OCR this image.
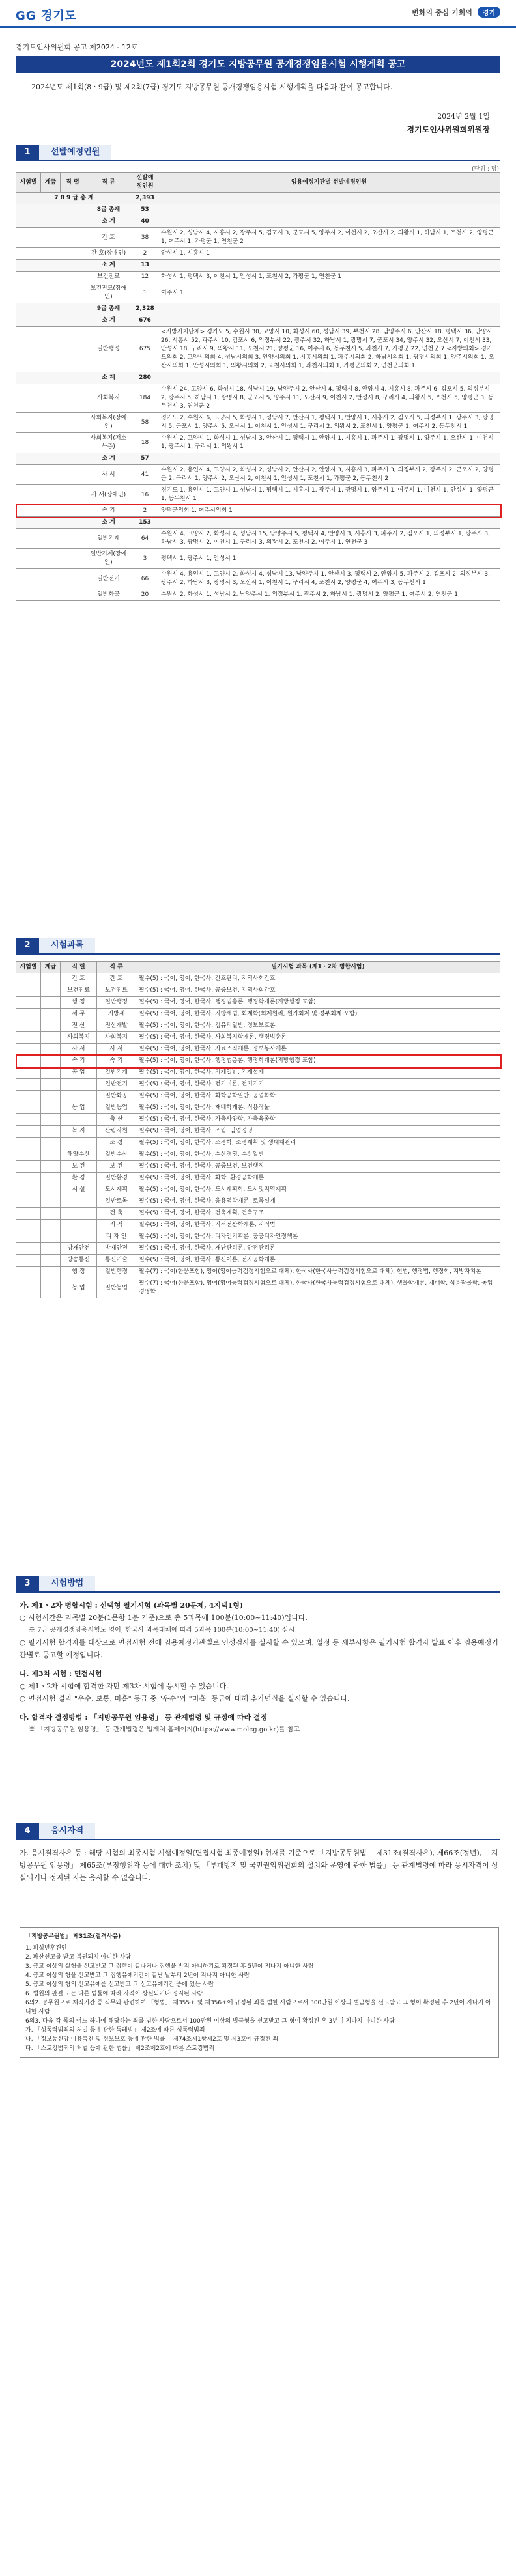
GG 경기도	변화의 중심 기회의 경기
경기도인사위원회 공고 제2024 - 12호
2024년도 제1회2회 경기도 지방공무원 공개경쟁임용시험 시행계획 공고
2024년도 제1회(8ㆍ9급) 및 제2회(7급) 경기도 지방공무원 공개경쟁임용시험 시행계획을 다음과 같이 공고합니다.
2024년 2월 1일
경기도인사위원회위원장
1 선발예정인원
(단위 : 명)
시험별	계급	직 렬	직 류	선발예정인원	임용예정기관별 선발예정인원
7 8 9 급 총 계				2,393	
			8급 총계	53	
			소 계	40	
			간 호	38	수원시 2, 성남시 4, 시흥시 2, 광주시 5, 김포시 3, 군포시 5, 양주시 2, 이천시 2, 오산시 2, 의왕시 1, 하남시 1, 포천시 2, 양평군 1, 여주시 1, 가평군 1, 연천군 2
			간 호(장애인)	2	안성시 1, 시흥시 1
			소 계	13	
			보건진료	12	화성시 1, 평택시 3, 이천시 1, 안성시 1, 포천시 2, 가평군 1, 연천군 1
			보건진료(장애인)	1	여주시 1
			9급 총계	2,328	
			소 계	676	
			일반행정	675	<지방자치단체> 경기도 5, 수원시 30, 고양시 10, 화성시 60, 성남시 39, 부천시 28, 남양주시 6, 안산시 18, 평택시 36, 안양시 26, 시흥시 52, 파주시 10, 김포시 6, 의정부시 22, 광주시 32, 하남시 1, 광명시 7, 군포시 34, 양주시 32, 오산시 7, 이천시 33, 안성시 18, 구리시 9, 의왕시 11, 포천시 21, 양평군 16, 여주시 6, 동두천시 5, 과천시 7, 가평군 22, 연천군 7 <지방의회> 경기도의회 2, 고양시의회 4, 성남시의회 3, 안양시의회 1, 시흥시의회 1, 파주시의회 2, 하남시의회 1, 광명시의회 1, 양주시의회 1, 오산시의회 1, 안성시의회 1, 의왕시의회 2, 포천시의회 1, 과천시의회 1, 가평군의회 2, 연천군의회 1
			소 계	280	
			사회복지	184	수원시 24, 고양시 6, 화성시 18, 성남시 19, 남양주시 2, 안산시 4, 평택시 8, 안양시 4, 시흥시 8, 파주시 6, 김포시 5, 의정부시 2, 광주시 5, 하남시 1, 광명시 8, 군포시 5, 양주시 11, 오산시 9, 이천시 2, 안성시 8, 구리시 4, 의왕시 5, 포천시 5, 양평군 3, 동두천시 3, 연천군 2
			사회복지(장애인)	58	경기도 2, 수원시 6, 고양시 5, 화성시 1, 성남시 7, 안산시 1, 평택시 1, 안양시 1, 시흥시 2, 김포시 5, 의정부시 1, 광주시 3, 광명시 5, 군포시 1, 양주시 5, 오산시 1, 이천시 1, 안성시 1, 구리시 2, 의왕시 2, 포천시 1, 양평군 1, 여주시 2, 동두천시 1
			사회복지(저소득층)	18	수원시 2, 고양시 1, 화성시 1, 성남시 3, 안산시 1, 평택시 1, 안양시 1, 시흥시 1, 파주시 1, 광명시 1, 양주시 1, 오산시 1, 이천시 1, 광주시 1, 구리시 1, 의왕시 1
			소 계	57	
			사 서	41	수원시 2, 용인시 4, 고양시 2, 화성시 2, 성남시 2, 안산시 2, 안양시 3, 시흥시 3, 파주시 3, 의정부시 2, 광주시 2, 군포시 2, 양평군 2, 구리시 1, 양주시 2, 오산시 2, 이천시 1, 안성시 1, 포천시 1, 가평군 2, 동두천시 2
			사 서(장애인)	16	경기도 1, 용인시 1, 고양시 1, 성남시 1, 평택시 1, 시흥시 1, 광주시 1, 광명시 1, 양주시 1, 여주시 1, 이천시 1, 안성시 1, 양평군 1, 동두천시 1
			속 기	2	양평군의회 1, 여주시의회 1
			소 계	153	
			일반기계	64	수원시 4, 고양시 2, 화성시 4, 성남시 15, 남양주시 5, 평택시 4, 안양시 3, 시흥시 3, 파주시 2, 김포시 1, 의정부시 1, 광주시 3, 하남시 3, 광명시 2, 이천시 1, 구리시 3, 의왕시 2, 포천시 2, 여주시 1, 연천군 3
			일반기계(장애인)	3	평택시 1, 광주시 1, 안성시 1
			일반전기	66	수원시 4, 용인시 1, 고양시 2, 화성시 4, 성남시 13, 남양주시 1, 안산시 3, 평택시 2, 안양시 5, 파주시 2, 김포시 2, 의정부시 3, 광주시 2, 하남시 3, 광명시 3, 오산시 1, 이천시 1, 구리시 4, 포천시 2, 양평군 4, 여주시 3, 동두천시 1
			일반화공	20	수원시 2, 화성시 1, 성남시 2, 남양주시 1, 의정부시 1, 광주시 2, 하남시 1, 광명시 2, 양평군 1, 여주시 2, 연천군 1
2 시험과목
시험별	계급	직 렬	직 류	필기시험 과목 (제1ㆍ2차 병합시험)
		간 호	간 호	필수(5) : 국어, 영어, 한국사, 간호관리, 지역사회간호
		보건진료	보건진료	필수(5) : 국어, 영어, 한국사, 공중보건, 지역사회간호
		행 정	일반행정	필수(5) : 국어, 영어, 한국사, 행정법총론, 행정학개론(지방행정 포함)
		세 무	지방세	필수(5) : 국어, 영어, 한국사, 지방세법, 회계학(회계원리, 원가회계 및 정부회계 포함)
		전 산	전산개발	필수(5) : 국어, 영어, 한국사, 컴퓨터일반, 정보보호론
		사회복지	사회복지	필수(5) : 국어, 영어, 한국사, 사회복지학개론, 행정법총론
		사 서	사 서	필수(5) : 국어, 영어, 한국사, 자료조직개론, 정보봉사개론
		속 기	속 기	필수(5) : 국어, 영어, 한국사, 행정법총론, 행정학개론(지방행정 포함)
		공 업	일반기계	필수(5) : 국어, 영어, 한국사, 기계일반, 기계설계
			일반전기	필수(5) : 국어, 영어, 한국사, 전기이론, 전기기기
			일반화공	필수(5) : 국어, 영어, 한국사, 화학공학일반, 공업화학
		농 업	일반농업	필수(5) : 국어, 영어, 한국사, 재배학개론, 식용작물
			축 산	필수(5) : 국어, 영어, 한국사, 가축사양학, 가축육종학
		녹 지	산림자원	필수(5) : 국어, 영어, 한국사, 조림, 임업경영
			조 경	필수(5) : 국어, 영어, 한국사, 조경학, 조경계획 및 생태계관리
		해양수산	일반수산	필수(5) : 국어, 영어, 한국사, 수산경영, 수산일반
		보 건	보 건	필수(5) : 국어, 영어, 한국사, 공중보건, 보건행정
		환 경	일반환경	필수(5) : 국어, 영어, 한국사, 화학, 환경공학개론
		시 설	도시계획	필수(5) : 국어, 영어, 한국사, 도시계획학, 도시및지역계획
			일반토목	필수(5) : 국어, 영어, 한국사, 응용역학개론, 토목설계
			건 축	필수(5) : 국어, 영어, 한국사, 건축계획, 건축구조
			지 적	필수(5) : 국어, 영어, 한국사, 지적전산학개론, 지적법
			디 자 인	필수(5) : 국어, 영어, 한국사, 디자인기획론, 공공디자인정책론
		방재안전	방재안전	필수(5) : 국어, 영어, 한국사, 재난관리론, 안전관리론
		방송통신	통신기술	필수(5) : 국어, 영어, 한국사, 통신이론, 전자공학개론
		행 정	일반행정	필수(7) : 국어(한문포함), 영어(영어능력검정시험으로 대체), 한국사(한국사능력검정시험으로 대체), 헌법, 행정법, 행정학, 지방자치론
		농 업	일반농업	필수(7) : 국어(한문포함), 영어(영어능력검정시험으로 대체), 한국사(한국사능력검정시험으로 대체), 생물학개론, 재배학, 식용작물학, 농업경영학
3 시험방법
가. 제1ㆍ2차 병합시험 : 선택형 필기시험 (과목별 20문제, 4지택1형)
○ 시험시간은 과목별 20분(1문항 1분 기준)으로 총 5과목에 100분(10:00~11:40)입니다.
※ 7급 공개경쟁임용시험도 영어, 한국사 과목대체에 따라 5과목 100분(10:00~11:40) 실시
○ 필기시험 합격자를 대상으로 면접시험 전에 임용예정기관별로 인성검사를 실시할 수 있으며, 일정 등 세부사항은 필기시험 합격자 발표 이후 임용예정기관별로 공고할 예정입니다.
나. 제3차 시험 : 면접시험
○ 제1ㆍ2차 시험에 합격한 자만 제3차 시험에 응시할 수 있습니다.
○ 면접시험 결과 "우수, 보통, 미흡" 등급 중 "우수"와 "미흡" 등급에 대해 추가면접을 실시할 수 있습니다.
다. 합격자 결정방법 : 「지방공무원 임용령」 등 관계법령 및 규정에 따라 결정
※ 「지방공무원 임용령」 등 관계법령은 법제처 홈페이지(https://www.moleg.go.kr)를 참고
4 응시자격
가. 응시결격사유 등 : 해당 시험의 최종시험 시행예정일(면접시험 최종예정일) 현재를 기준으로 「지방공무원법」 제31조(결격사유), 제66조(정년), 「지방공무원 임용령」 제65조(부정행위자 등에 대한 조치) 및 「부패방지 및 국민권익위원회의 설치와 운영에 관한 법률」 등 관계법령에 따라 응시자격이 상실되거나 정지된 자는 응시할 수 없습니다.
「지방공무원법」 제31조(결격사유)
1. 피성년후견인
2. 파산선고를 받고 복권되지 아니한 사람
3. 금고 이상의 실형을 선고받고 그 집행이 끝나거나 집행을 받지 아니하기로 확정된 후 5년이 지나지 아니한 사람
4. 금고 이상의 형을 선고받고 그 집행유예기간이 끝난 날부터 2년이 지나지 아니한 사람
5. 금고 이상의 형의 선고유예를 선고받고 그 선고유예기간 중에 있는 사람
6. 법원의 판결 또는 다른 법률에 따라 자격이 상실되거나 정지된 사람
6의2. 공무원으로 재직기간 중 직무와 관련하여 「형법」 제355조 및 제356조에 규정된 죄를 범한 사람으로서 300만원 이상의 벌금형을 선고받고 그 형이 확정된 후 2년이 지나지 아니한 사람
6의3. 다음 각 목의 어느 하나에 해당하는 죄를 범한 사람으로서 100만원 이상의 벌금형을 선고받고 그 형이 확정된 후 3년이 지나지 아니한 사람
가. 「성폭력범죄의 처벌 등에 관한 특례법」 제2조에 따른 성폭력범죄
나. 「정보통신망 이용촉진 및 정보보호 등에 관한 법률」 제74조제1항제2호 및 제3호에 규정된 죄
다. 「스토킹범죄의 처벌 등에 관한 법률」 제2조제2호에 따른 스토킹범죄
